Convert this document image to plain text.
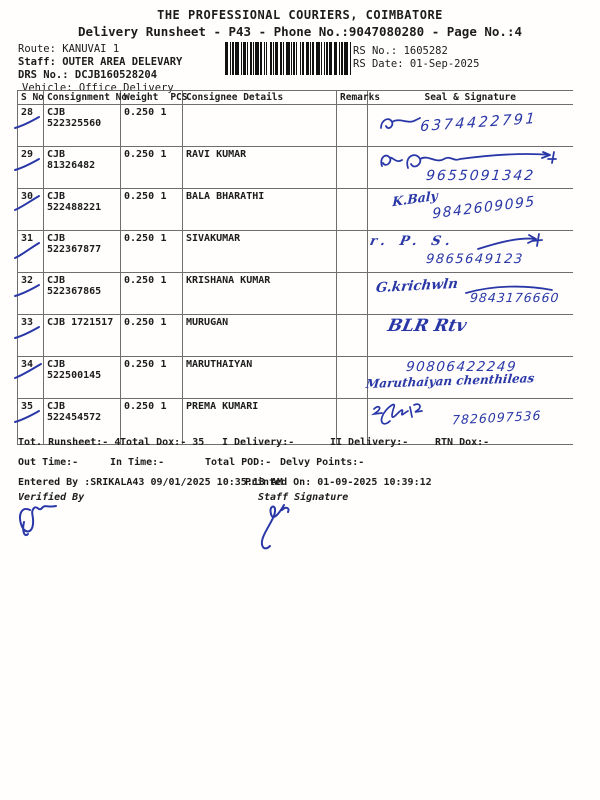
THE PROFESSIONAL COURIERS, COIMBATORE
Delivery Runsheet - P43 - Phone No.:9047080280 - Page No.:4
Route: KANUVAI 1
Staff: OUTER AREA DELEVARY
DRS No.: DCJB160528204
Vehicle: Office Delivery
RS No.: 1605282
RS Date: 01-Sep-2025
S No	Consignment No	Weight PCS		Consignee Details	Remarks	Seal & Signature
28	CJB 522325560	0.250	1			6374422791

29	CJB 81326482	0.250	1	RAVI KUMAR		9655091342

30	CJB 522488221	0.250	1	BALA BHARATHI		K.Baly
9842609095

31	CJB 522367877	0.250	1	SIVAKUMAR		r. P. S.
9865649123

32	CJB 522367865	0.250	1	KRISHANA KUMAR		G.krichwln
9843176660

33	CJB 1721517	0.250	1	MURUGAN		BLR Rtv

34	CJB 522500145	0.250	1	MARUTHAIYAN		90806422249
Maruthaiyan chenthileas

35	CJB 522454572	0.250	1	PREMA KUMARI		7826097536
Tot. Runsheet:- 4 Total Dox:- 35 I Delivery:-	II Delivery:-	RTN Dox:-
Out Time:-	In Time:-	Total POD:- Delvy Points:-
Entered By :SRIKALA43 09/01/2025 10:35:13 AM
Printed On: 01-09-2025 10:39:12
Verified By	Staff Signature
